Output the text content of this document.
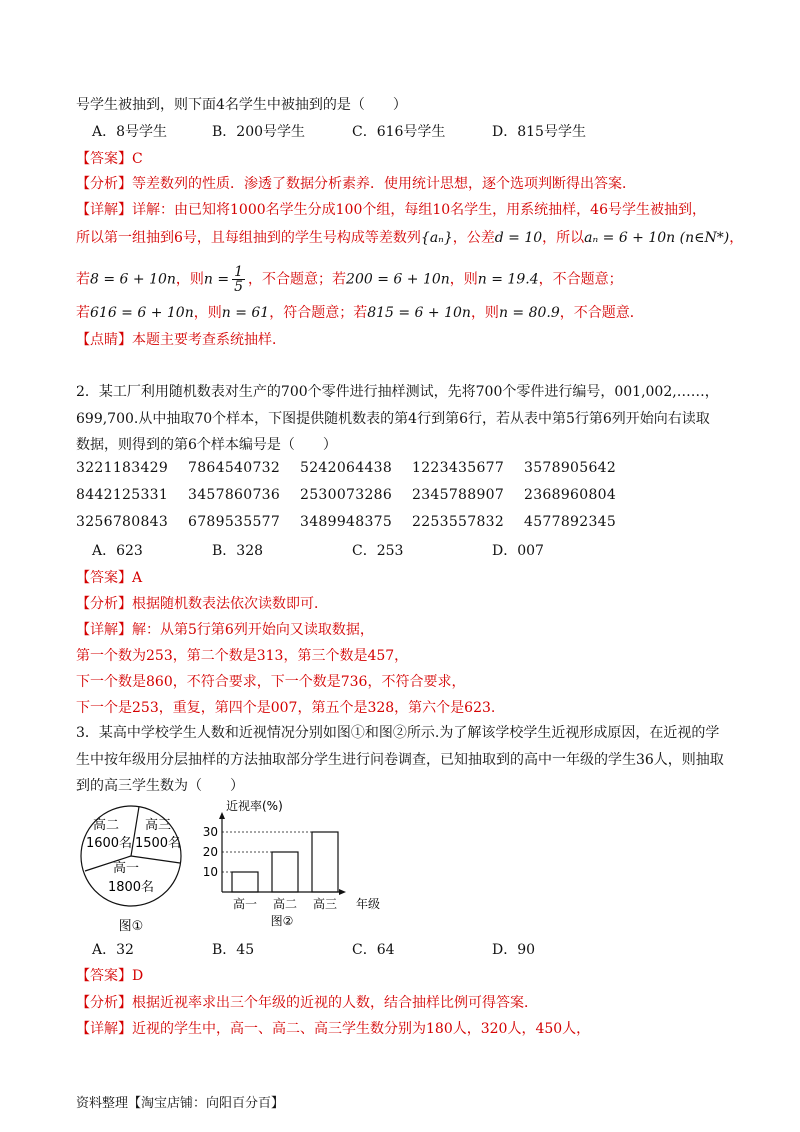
号学生被抽到，则下面4名学生中被抽到的是（　　）
A．8号学生	B．200号学生	C．616号学生	D．815号学生
【答案】C
【分析】等差数列的性质．渗透了数据分析素养．使用统计思想，逐个选项判断得出答案．
【详解】详解：由已知将1000名学生分成100个组，每组10名学生，用系统抽样，46号学生被抽到，
所以第一组抽到6号，且每组抽到的学生号构成等差数列{aₙ}，公差d = 10，所以aₙ = 6 + 10n (n∈N*)，
若8 = 6 + 10n，则$n = \frac{1}{5}$ ，不合题意；若200 = 6 + 10n，则n = 19.4，不合题意；
若616 = 6 + 10n，则n = 61，符合题意；若815 = 6 + 10n，则n = 80.9，不合题意．
【点睛】本题主要考查系统抽样．
2．某工厂利用随机数表对生产的700个零件进行抽样测试，先将700个零件进行编号，001,002,……，
699,700.从中抽取70个样本，下图提供随机数表的第4行到第6行，若从表中第5行第6列开始向右读取
数据，则得到的第6个样本编号是（　　）
3221183429 7864540732 5242064438 1223435677 3578905642
8442125331 3457860736 2530073286 2345788907 2368960804
3256780843 6789535577 3489948375 2253557832 4577892345
A．623	B．328	C．253	D．007
【答案】A
【分析】根据随机数表法依次读数即可．
【详解】解：从第5行第6列开始向又读取数据，
第一个数为253，第二个数是313，第三个数是457，
下一个数是860，不符合要求，下一个数是736，不符合要求，
下一个是253，重复，第四个是007，第五个是328，第六个是623.
3．某高中学校学生人数和近视情况分别如图①和图②所示.为了解该学校学生近视形成原因，在近视的学
生中按年级用分层抽样的方法抽取部分学生进行问卷调查，已知抽取到的高中一年级的学生36人，则抽取
到的高三学生数为（　　）
高二
1600名
高三
1500名
高一
1800名
图①
近视率(%)
高一 高二 高三
10
20
30
年级
图②
A．32	B．45	C．64	D．90
【答案】D
【分析】根据近视率求出三个年级的近视的人数，结合抽样比例可得答案．
【详解】近视的学生中，高一、高二、高三学生数分别为180人，320人，450人，
资料整理【淘宝店铺：向阳百分百】
